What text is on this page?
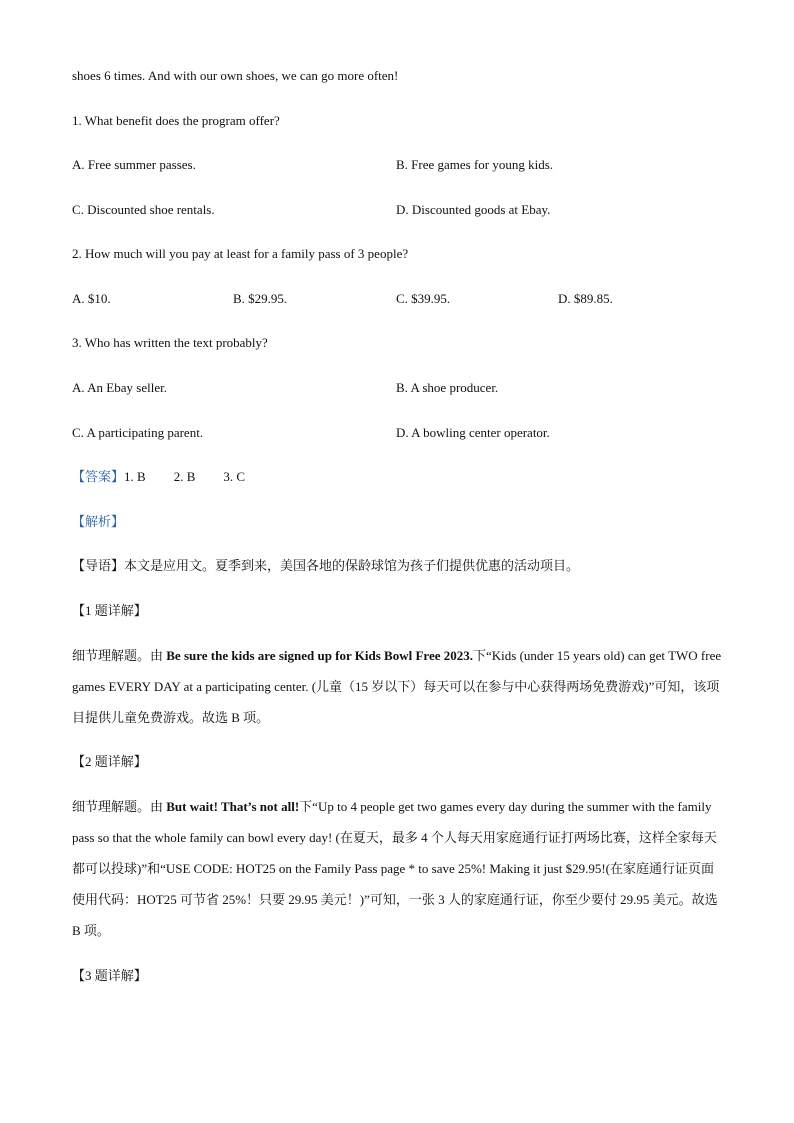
shoes 6 times. And with our own shoes, we can go more often!
1. What benefit does the program offer?
A. Free summer passes.	B. Free games for young kids.
C. Discounted shoe rentals.	D. Discounted goods at Ebay.
2. How much will you pay at least for a family pass of 3 people?
A. $10.	B. $29.95.	C. $39.95.	D. $89.85.
3. Who has written the text probably?
A. An Ebay seller.	B. A shoe producer.
C. A participating parent.	D. A bowling center operator.
【答案】1. B 2. B 3. C
【解析】
【导语】本文是应用文。夏季到来，美国各地的保龄球馆为孩子们提供优惠的活动项目。
【1 题详解】
细节理解题。由 Be sure the kids are signed up for Kids Bowl Free 2023.下“Kids (under 15 years old) can get TWO free games EVERY DAY at a participating center. (儿童（15 岁以下）每天可以在参与中心获得两场免费游戏)”可知，该项目提供儿童免费游戏。故选 B 项。
【2 题详解】
细节理解题。由 But wait! That’s not all!下“Up to 4 people get two games every day during the summer with the family pass so that the whole family can bowl every day! (在夏天，最多 4 个人每天用家庭通行证打两场比赛，这样全家每天都可以投球)”和“USE CODE: HOT25 on the Family Pass page * to save 25%! Making it just $29.95!(在家庭通行证页面使用代码：HOT25 可节省 25%！只要 29.95 美元！)”可知，一张 3 人的家庭通行证，你至少要付 29.95 美元。故选 B 项。
【3 题详解】
